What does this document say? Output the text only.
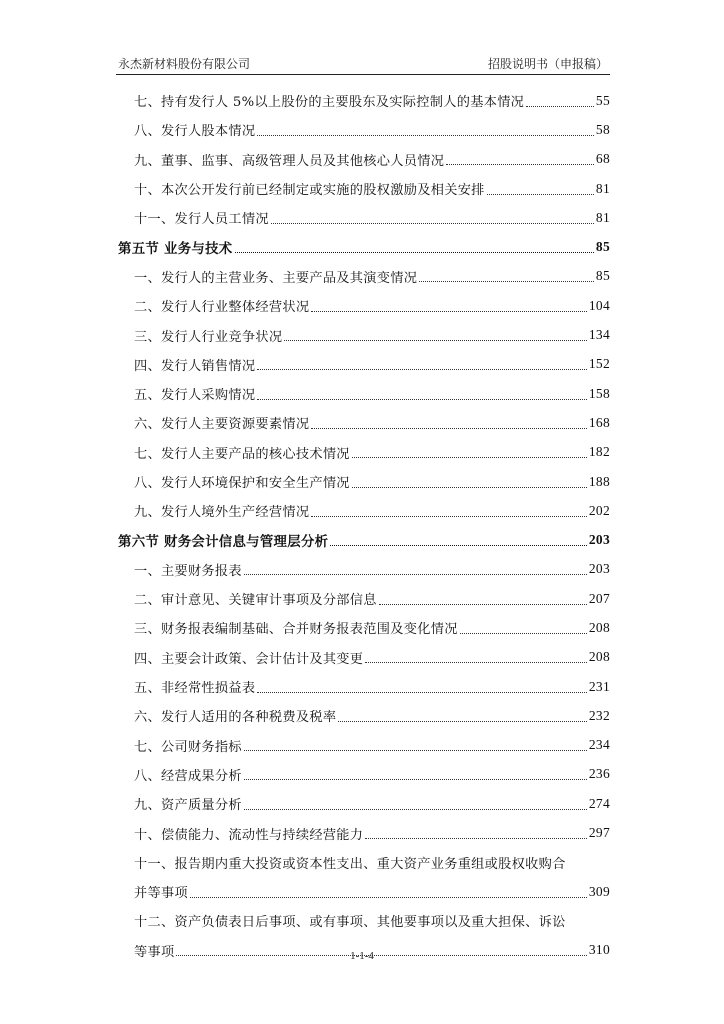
永杰新材料股份有限公司	招股说明书（申报稿）
七、持有发行人 5%以上股份的主要股东及实际控制人的基本情况	55
八、发行人股本情况	58
九、董事、监事、高级管理人员及其他核心人员情况	68
十、本次公开发行前已经制定或实施的股权激励及相关安排	81
十一、发行人员工情况	81
第五节 业务与技术	85
一、发行人的主营业务、主要产品及其演变情况	85
二、发行人行业整体经营状况	104
三、发行人行业竞争状况	134
四、发行人销售情况	152
五、发行人采购情况	158
六、发行人主要资源要素情况	168
七、发行人主要产品的核心技术情况	182
八、发行人环境保护和安全生产情况	188
九、发行人境外生产经营情况	202
第六节 财务会计信息与管理层分析	203
一、主要财务报表	203
二、审计意见、关键审计事项及分部信息	207
三、财务报表编制基础、合并财务报表范围及变化情况	208
四、主要会计政策、会计估计及其变更	208
五、非经常性损益表	231
六、发行人适用的各种税费及税率	232
七、公司财务指标	234
八、经营成果分析	236
九、资产质量分析	274
十、偿债能力、流动性与持续经营能力	297
十一、报告期内重大投资或资本性支出、重大资产业务重组或股权收购合
并等事项	309
十二、资产负债表日后事项、或有事项、其他要事项以及重大担保、诉讼
等事项	310
1-1-4
